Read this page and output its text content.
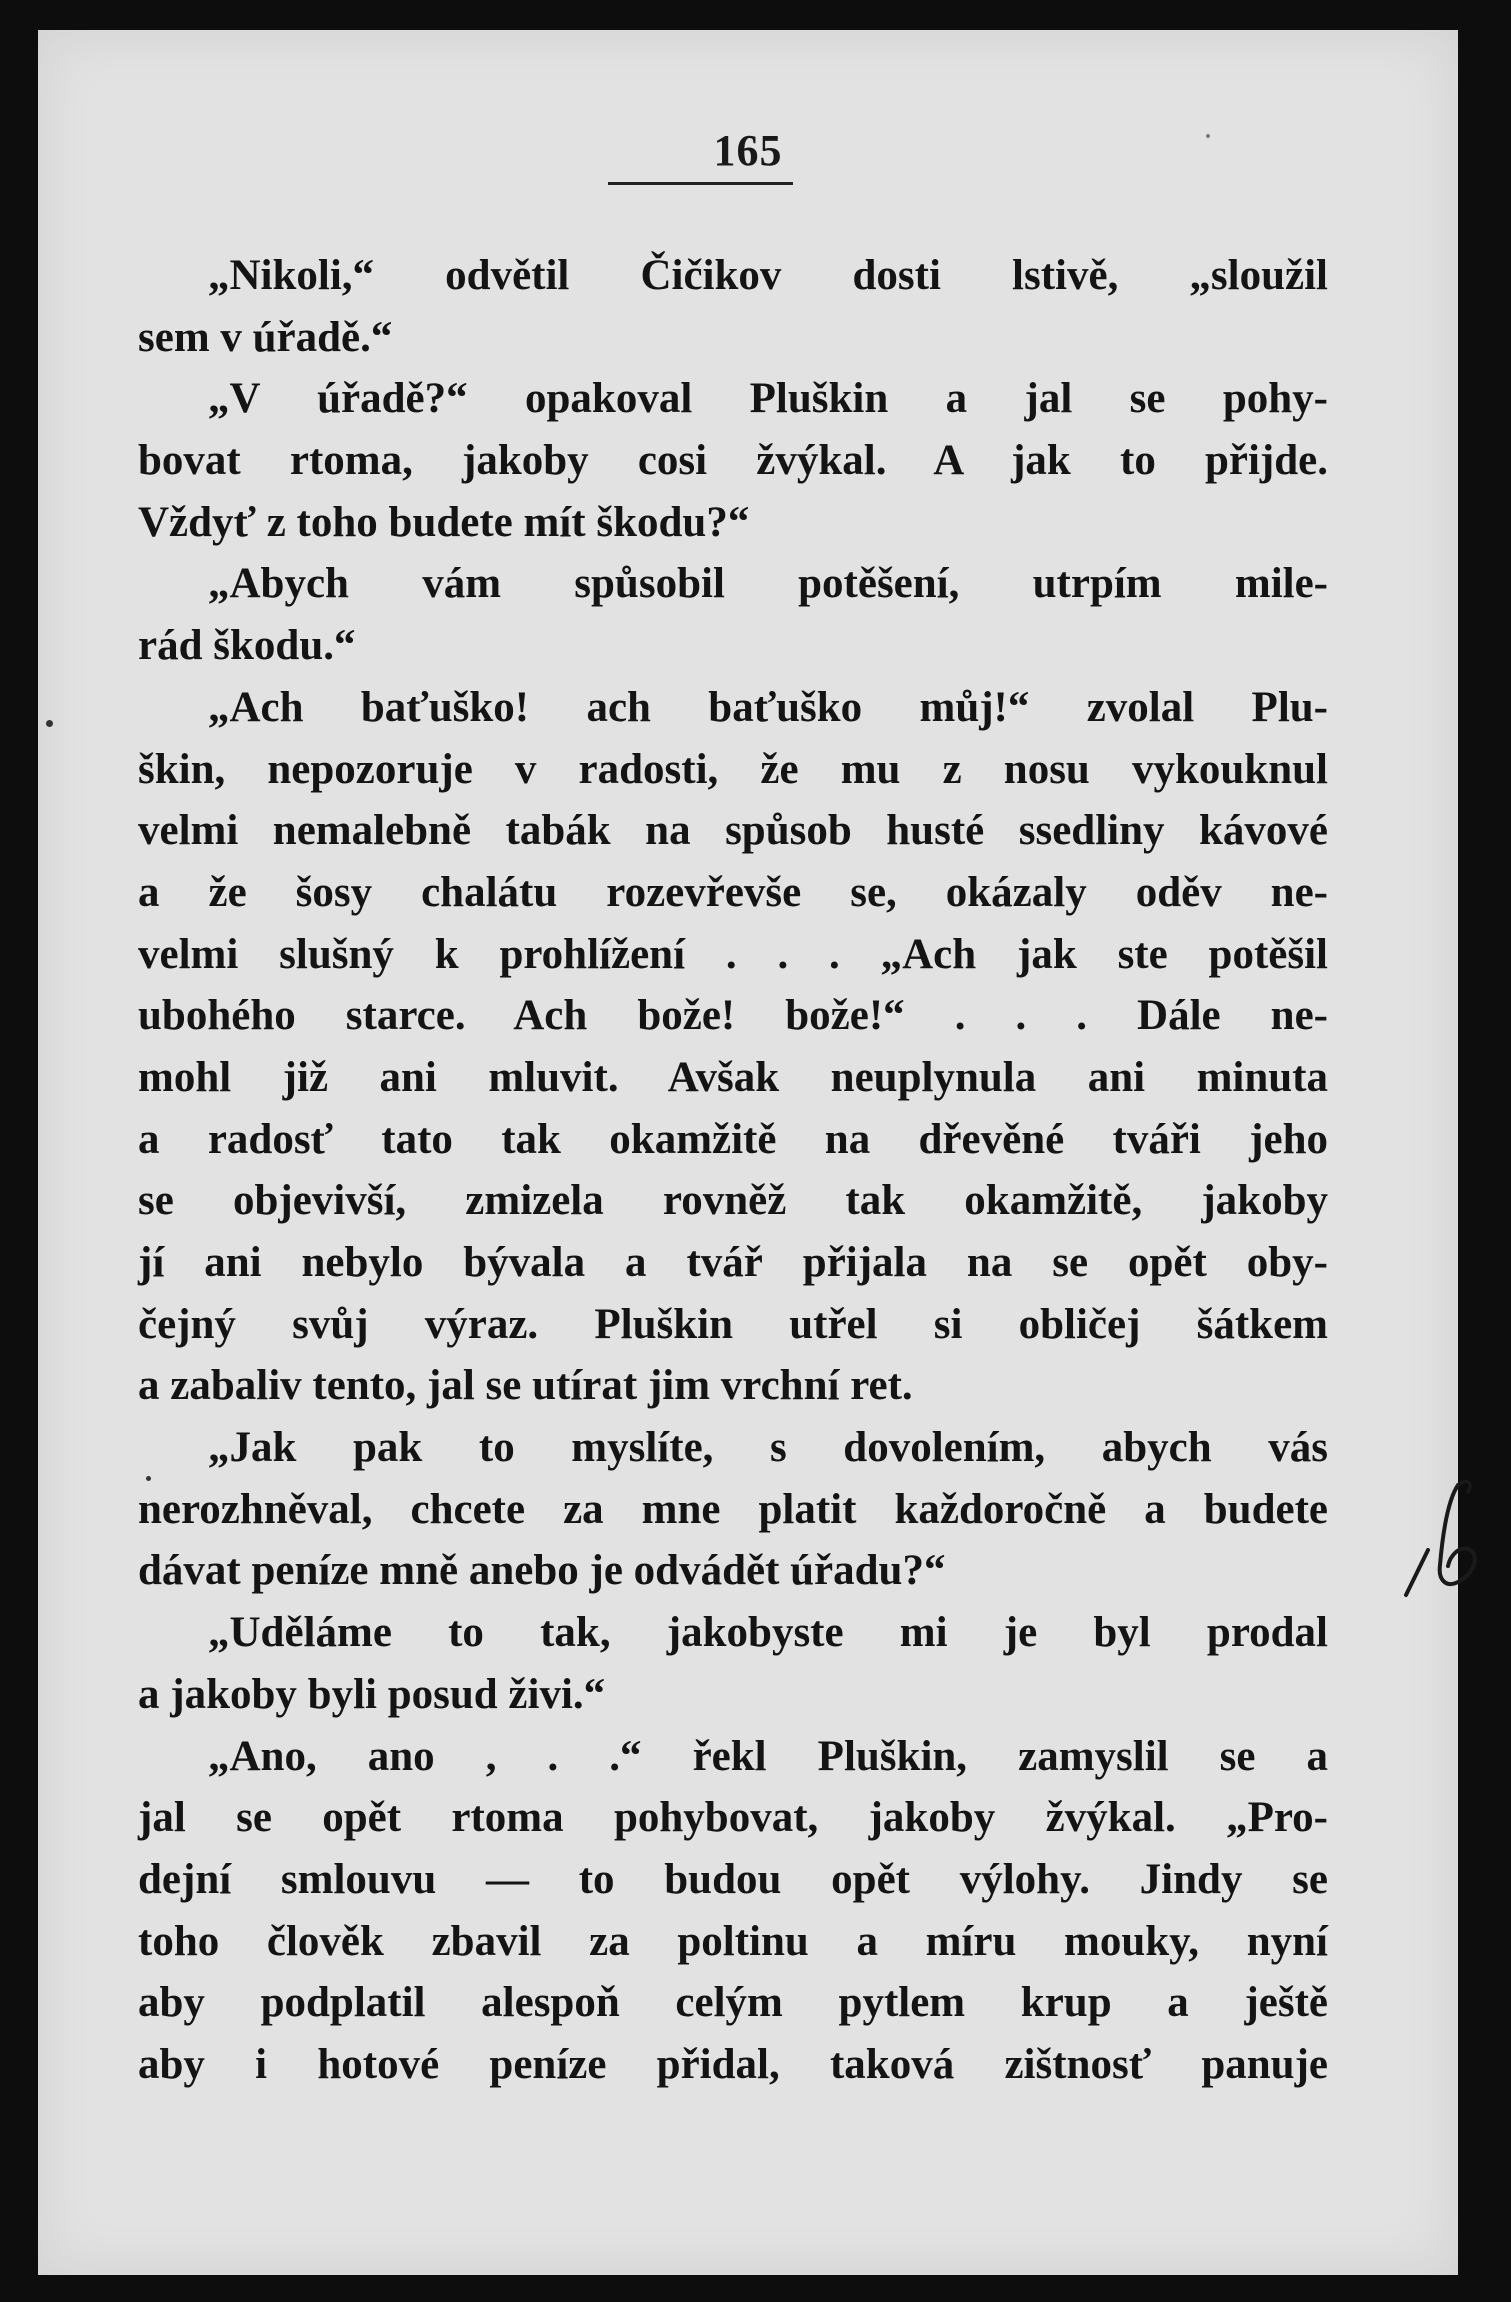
165
„Nikoli,“ odvětil Čičikov dosti lstivě, „sloužil
sem v úřadě.“
„V úřadě?“ opakoval Pluškin a jal se pohy-
bovat rtoma, jakoby cosi žvýkal. A jak to přijde.
Vždyť z toho budete mít škodu?“
„Abych vám spůsobil potěšení, utrpím mile-
rád škodu.“
„Ach baťuško! ach baťuško můj!“ zvolal Plu-
škin, nepozoruje v radosti, že mu z nosu vykouknul
velmi nemalebně tabák na spůsob husté ssedliny kávové
a že šosy chalátu rozevřevše se, okázaly oděv ne-
velmi slušný k prohlížení . . . „Ach jak ste potěšil
ubohého starce. Ach bože! bože!“ . . . Dále ne-
mohl již ani mluvit. Avšak neuplynula ani minuta
a radosť tato tak okamžitě na dřevěné tváři jeho
se objevivší, zmizela rovněž tak okamžitě, jakoby
jí ani nebylo bývala a tvář přijala na se opět oby-
čejný svůj výraz. Pluškin utřel si obličej šátkem
a zabaliv tento, jal se utírat jim vrchní ret.
„Jak pak to myslíte, s dovolením, abych vás
nerozhněval, chcete za mne platit každoročně a budete
dávat peníze mně anebo je odvádět úřadu?“
„Uděláme to tak, jakobyste mi je byl prodal
a jakoby byli posud živi.“
„Ano, ano , . .“ řekl Pluškin, zamyslil se a
jal se opět rtoma pohybovat, jakoby žvýkal. „Pro-
dejní smlouvu — to budou opět výlohy. Jindy se
toho člověk zbavil za poltinu a míru mouky, nyní
aby podplatil alespoň celým pytlem krup a ještě
aby i hotové peníze přidal, taková zištnosť panuje
